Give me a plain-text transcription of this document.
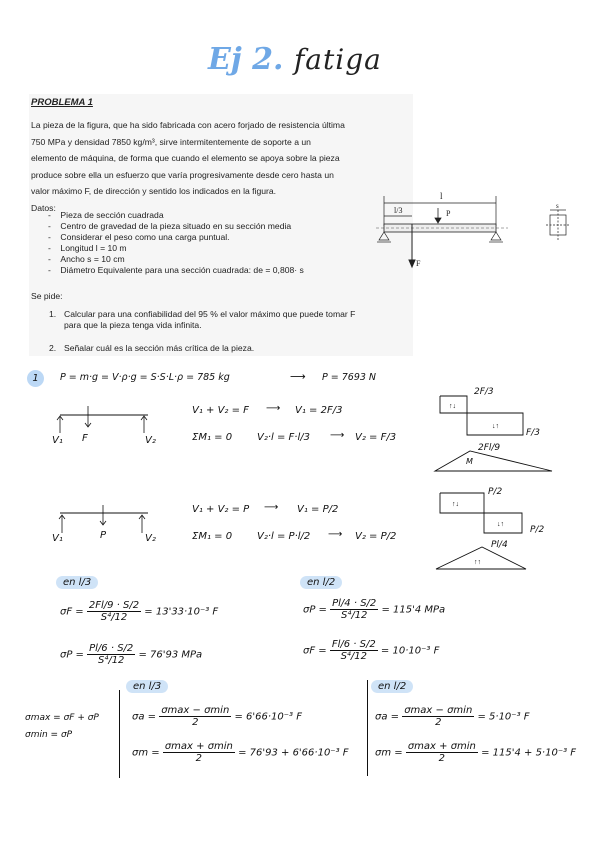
Ej 2. fatiga
PROBLEMA 1
La pieza de la figura, que ha sido fabricada con acero forjado de resistencia última
750 MPa y densidad 7850 kg/m³, sirve intermitentemente de soporte a un
elemento de máquina, de forma que cuando el elemento se apoya sobre la pieza
produce sobre ella un esfuerzo que varía progresivamente desde cero hasta un
valor máximo F, de dirección y sentido los indicados en la figura.
Datos:
-    Pieza de sección cuadrada
-    Centro de gravedad de la pieza situado en su sección media
-    Considerar el peso como una carga puntual.
-    Longitud l = 10 m
-    Ancho s = 10 cm
-    Diámetro Equivalente para una sección cuadrada: de = 0,808· s
Se pide:
1. Calcular para una confiabilidad del 95 % el valor máximo que puede tomar F
para que la pieza tenga vida infinita.
2. Señalar cuál es la sección más crítica de la pieza.
l
l/3	P
F
s
1	P = m·g = V·ρ·g = S·S·L·ρ = 785 kg	⟶ P = 7693 N
V₁ F	V₂
V₁ + V₂ = F ⟶ V₁ = 2F/3
ΣM₁ = 0 V₂·l = F·l/3 ⟶ V₂ = F/3
↑↓
↓↑
2F/3
F/3
2Fl/9
M
V₁	P	V₂
V₁ + V₂ = P ⟶ V₁ = P/2
ΣM₁ = 0 V₂·l = P·l/2 ⟶ V₂ = P/2
↑↓
↓↑
↑↑
P/2
P/2
Pl/4
en l/3	en l/2
$\sigma F = \frac{2Fl/9 \cdot S/2}{\text{S⁴/12}} = 13'33\cdot 10^{-3}$ F
$\sigma P = \frac{Pl/6 \cdot S/2}{\text{S⁴/12}} = 76'93$ MPa
$\sigma P = \frac{Pl/4 \cdot S/2}{\text{S⁴/12}} = 115'4$ MPa
$\sigma F = \frac{Fl/6 \cdot S/2}{\text{S⁴/12}} = 10\cdot 10^{-3}$ F
σmax = σF + σP
σmin = σP
en l/3	en l/2
$\sigma a = \frac{\sigma\max - \sigma\min}{2} = 6'66\cdot 10^{-3}$ F
$\sigma m = \frac{\sigma\max + \sigma\min}{2} = 76'93 + 6'66\cdot 10^{-3}$ F
$\sigma a = \frac{\sigma\max - \sigma\min}{2} = 5\cdot 10^{-3}$ F
$\sigma m = \frac{\sigma\max + \sigma\min}{2} = 115'4 + 5\cdot 10^{-3}$ F
